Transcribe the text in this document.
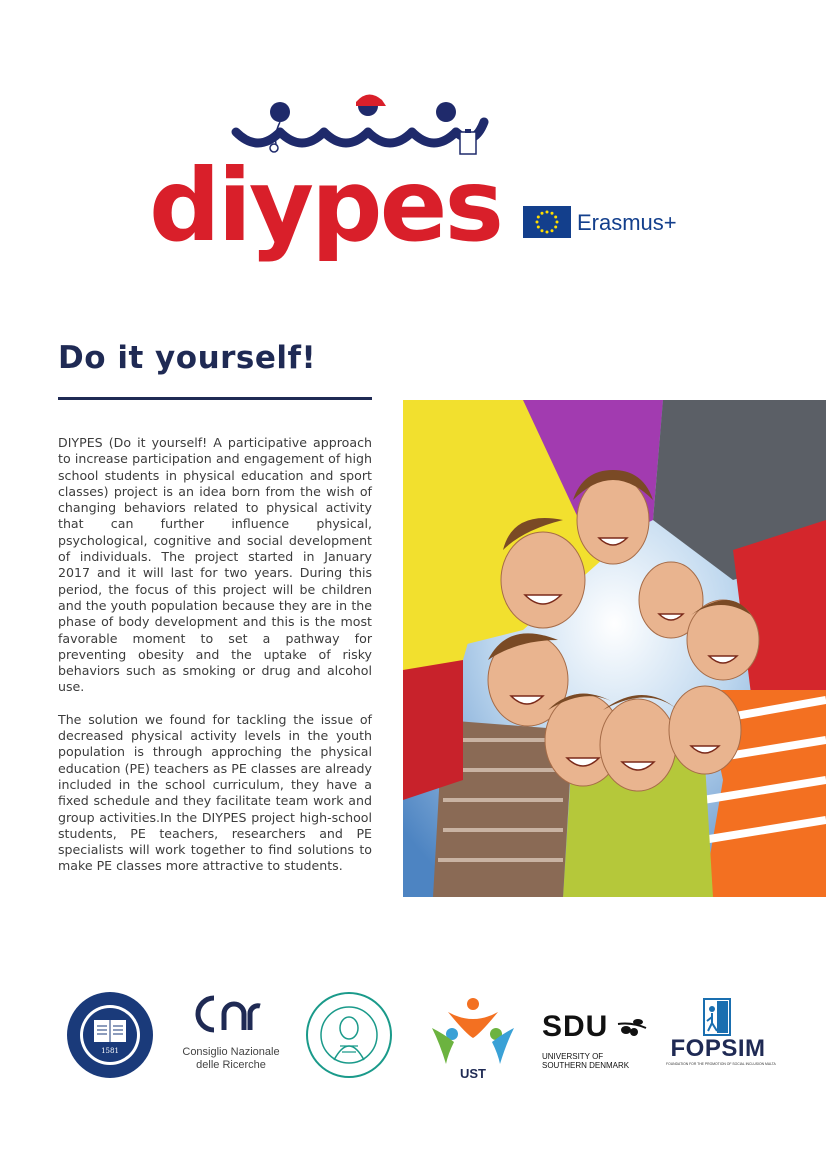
diypes	Erasmus+
Do it yourself!

DIYPES (Do it yourself! A participative approach to increase participation and engagement of high school students in physical education and sport classes) project is an idea born from the wish of changing behaviors related to physical activity that can further influence physical, psychological, cognitive and social development of individuals. The project started in January 2017 and it will last for two years. During this period, the focus of this project will be children and the youth population because they are in the phase of body development and this is the most favorable moment to set a pathway for preventing obesity and the uptake of risky behaviors such as smoking or drug and alcohol use.

The solution we found for tackling the issue of decreased physical activity levels in the youth population is through approching the physical education (PE) teachers as PE classes are already included in the school curriculum, they have a fixed schedule and they facilitate team work and group activities.In the DIYPES project high-school students, PE teachers, researchers and PE specialists will work together to find solutions to make PE classes more attractive to students.

1581	Consiglio Nazionale
delle Ricerche
UST
SDU
UNIVERSITY OF
SOUTHERN DENMARK
FOPSIM
FOUNDATION FOR THE PROMOTION OF SOCIAL INCLUSION MALTA
